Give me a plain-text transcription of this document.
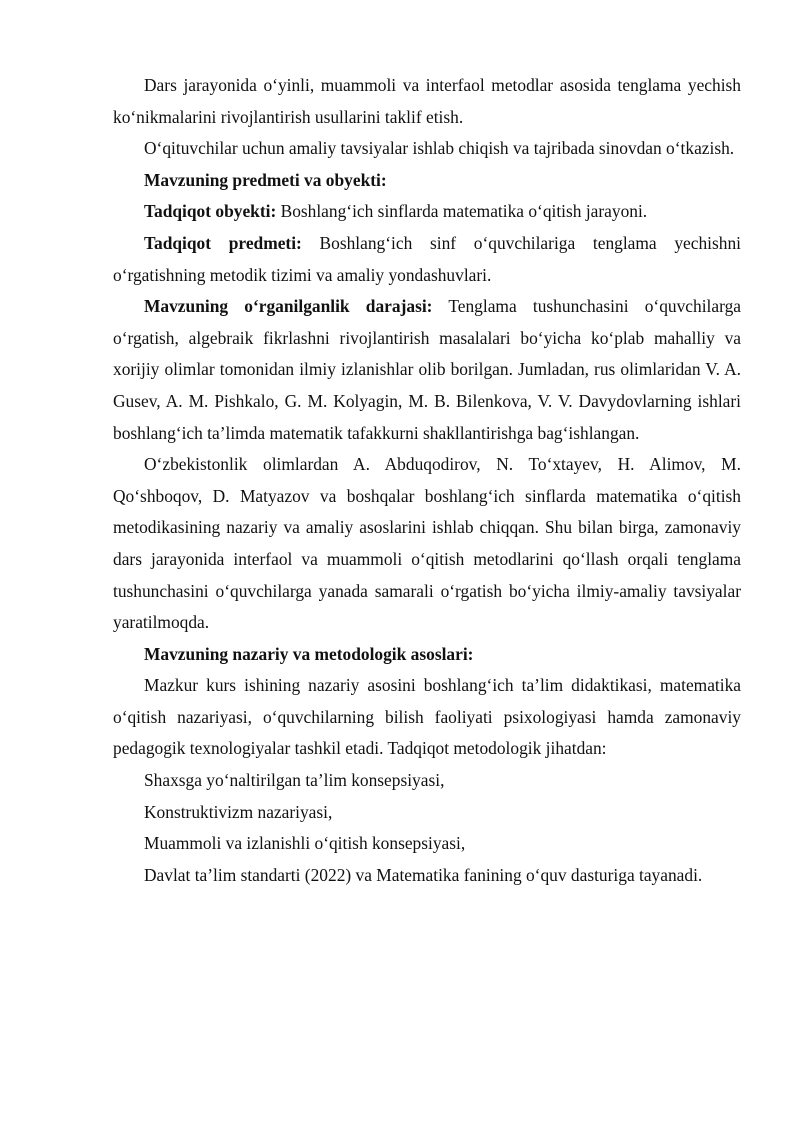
Dars jarayonida o‘yinli, muammoli va interfaol metodlar asosida tenglama yechish ko‘nikmalarini rivojlantirish usullarini taklif etish.

O‘qituvchilar uchun amaliy tavsiyalar ishlab chiqish va tajribada sinovdan o‘tkazish.

Mavzuning predmeti va obyekti:

Tadqiqot obyekti: Boshlang‘ich sinflarda matematika o‘qitish jarayoni.

Tadqiqot predmeti: Boshlang‘ich sinf o‘quvchilariga tenglama yechishni o‘rgatishning metodik tizimi va amaliy yondashuvlari.

Mavzuning o‘rganilganlik darajasi: Tenglama tushunchasini o‘quvchilarga o‘rgatish, algebraik fikrlashni rivojlantirish masalalari bo‘yicha ko‘plab mahalliy va xorijiy olimlar tomonidan ilmiy izlanishlar olib borilgan. Jumladan, rus olimlaridan V. A. Gusev, A. M. Pishkalo, G. M. Kolyagin, M. B. Bilenkova, V. V. Davydovlarning ishlari boshlang‘ich ta’limda matematik tafakkurni shakllantirishga bag‘ishlangan.

O‘zbekistonlik olimlardan A. Abduqodirov, N. To‘xtayev, H. Alimov, M. Qo‘shboqov, D. Matyazov va boshqalar boshlang‘ich sinflarda matematika o‘qitish metodikasining nazariy va amaliy asoslarini ishlab chiqqan. Shu bilan birga, zamonaviy dars jarayonida interfaol va muammoli o‘qitish metodlarini qo‘llash orqali tenglama tushunchasini o‘quvchilarga yanada samarali o‘rgatish bo‘yicha ilmiy-amaliy tavsiyalar yaratilmoqda.

Mavzuning nazariy va metodologik asoslari:

Mazkur kurs ishining nazariy asosini boshlang‘ich ta’lim didaktikasi, matematika o‘qitish nazariyasi, o‘quvchilarning bilish faoliyati psixologiyasi hamda zamonaviy pedagogik texnologiyalar tashkil etadi. Tadqiqot metodologik jihatdan:

Shaxsga yo‘naltirilgan ta’lim konsepsiyasi,

Konstruktivizm nazariyasi,

Muammoli va izlanishli o‘qitish konsepsiyasi,

Davlat ta’lim standarti (2022) va Matematika fanining o‘quv dasturiga tayanadi.
